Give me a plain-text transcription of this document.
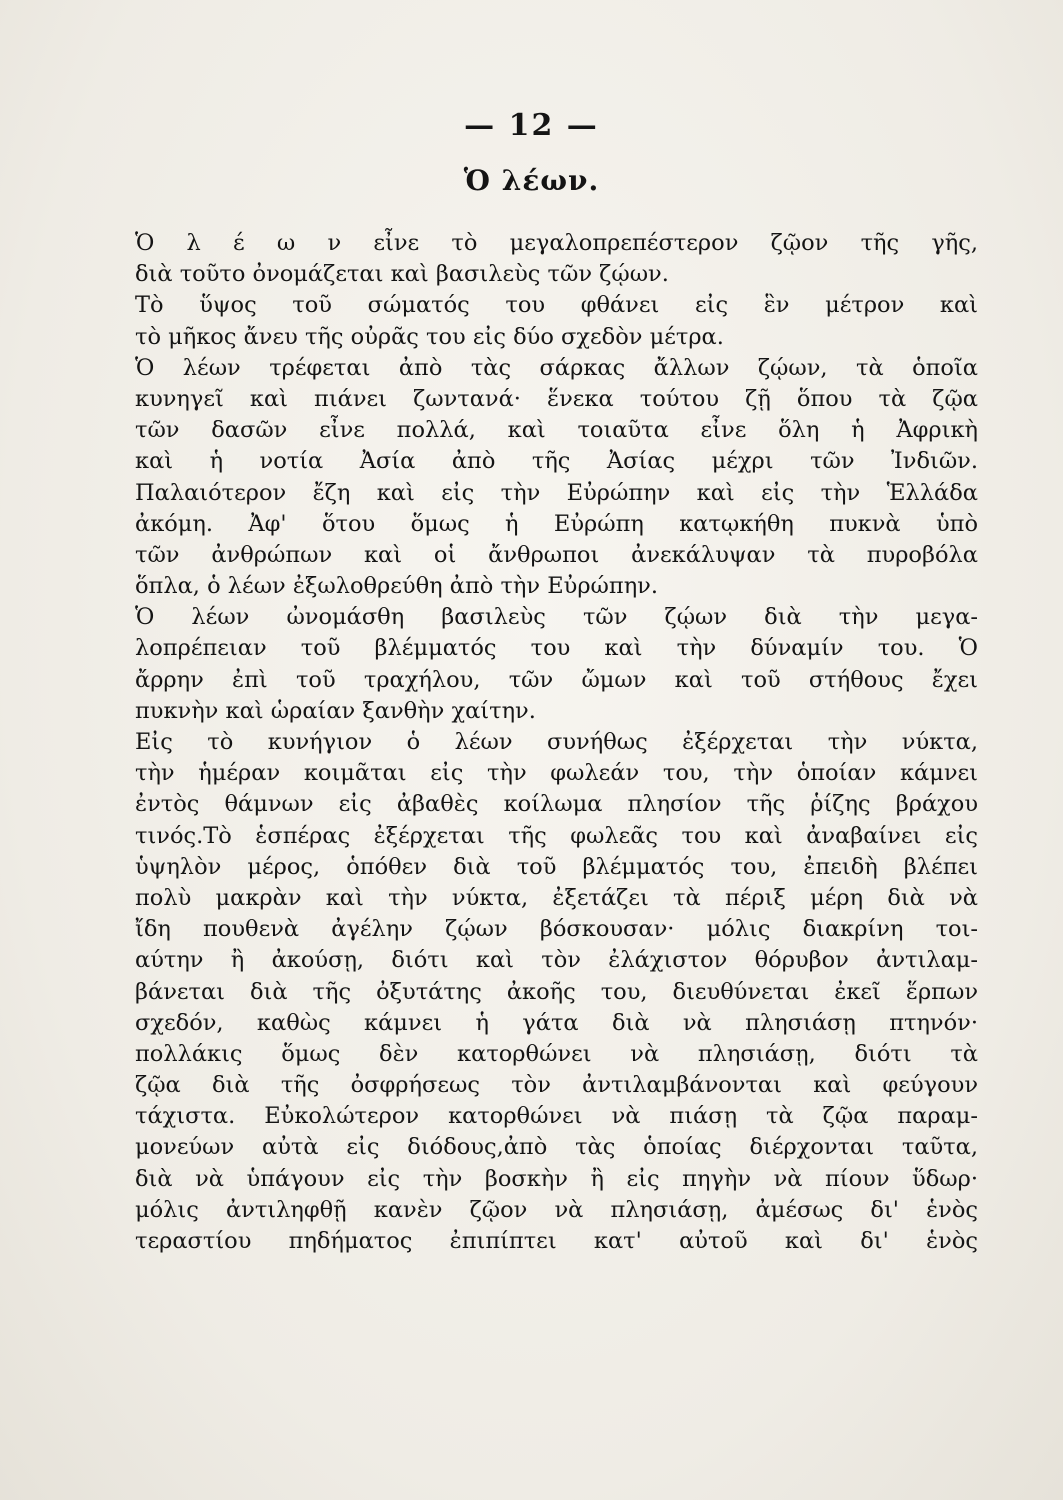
— 12 —
Ὁ λέων.
Ὁ λ έ ω ν εἶνε τὸ μεγαλοπρεπέστερον ζῷον τῆς γῆς,
διὰ τοῦτο ὀνομάζεται καὶ βασιλεὺς τῶν ζῴων.
Τὸ ὕψος τοῦ σώματός του φθάνει εἰς ἓν μέτρον καὶ
τὸ μῆκος ἄνευ τῆς οὐρᾶς του εἰς δύο σχεδὸν μέτρα.
Ὁ λέων τρέφεται ἀπὸ τὰς σάρκας ἄλλων ζῴων, τὰ ὁποῖα
κυνηγεῖ καὶ πιάνει ζωντανά· ἕνεκα τούτου ζῇ ὅπου τὰ ζῷα
τῶν δασῶν εἶνε πολλά, καὶ τοιαῦτα εἶνε ὅλη ἡ Ἀφρικὴ
καὶ ἡ νοτία Ἀσία ἀπὸ τῆς Ἀσίας μέχρι τῶν Ἰνδιῶν.
Παλαιότερον ἔζη καὶ εἰς τὴν Εὐρώπην καὶ εἰς τὴν Ἑλλάδα
ἀκόμη. Ἀφ' ὅτου ὅμως ἡ Εὐρώπη κατῳκήθη πυκνὰ ὑπὸ
τῶν ἀνθρώπων καὶ οἱ ἄνθρωποι ἀνεκάλυψαν τὰ πυροβόλα
ὅπλα, ὁ λέων ἐξωλοθρεύθη ἀπὸ τὴν Εὐρώπην.
Ὁ λέων ὠνομάσθη βασιλεὺς τῶν ζῴων διὰ τὴν μεγα-
λοπρέπειαν τοῦ βλέμματός του καὶ τὴν δύναμίν του. Ὁ
ἄρρην ἐπὶ τοῦ τραχήλου, τῶν ὤμων καὶ τοῦ στήθους ἔχει
πυκνὴν καὶ ὡραίαν ξανθὴν χαίτην.
Εἰς τὸ κυνήγιον ὁ λέων συνήθως ἐξέρχεται τὴν νύκτα,
τὴν ἡμέραν κοιμᾶται εἰς τὴν φωλεάν του, τὴν ὁποίαν κάμνει
ἐντὸς θάμνων εἰς ἀβαθὲς κοίλωμα πλησίον τῆς ῥίζης βράχου
τινός.Τὸ ἑσπέρας ἐξέρχεται τῆς φωλεᾶς του καὶ ἀναβαίνει εἰς
ὑψηλὸν μέρος, ὁπόθεν διὰ τοῦ βλέμματός του, ἐπειδὴ βλέπει
πολὺ μακρὰν καὶ τὴν νύκτα, ἐξετάζει τὰ πέριξ μέρη διὰ νὰ
ἴδη πουθενὰ ἀγέλην ζῴων βόσκουσαν· μόλις διακρίνη τοι-
αύτην ἢ ἀκούσῃ, διότι καὶ τὸν ἐλάχιστον θόρυβον ἀντιλαμ-
βάνεται διὰ τῆς ὀξυτάτης ἀκοῆς του, διευθύνεται ἐκεῖ ἕρπων
σχεδόν, καθὼς κάμνει ἡ γάτα διὰ νὰ πλησιάσῃ πτηνόν·
πολλάκις ὅμως δὲν κατορθώνει νὰ πλησιάσῃ, διότι τὰ
ζῷα διὰ τῆς ὀσφρήσεως τὸν ἀντιλαμβάνονται καὶ φεύγουν
τάχιστα. Εὐκολώτερον κατορθώνει νὰ πιάσῃ τὰ ζῷα παραμ-
μονεύων αὐτὰ εἰς διόδους,ἀπὸ τὰς ὁποίας διέρχονται ταῦτα,
διὰ νὰ ὑπάγουν εἰς τὴν βοσκὴν ἢ εἰς πηγὴν νὰ πίουν ὕδωρ·
μόλις ἀντιληφθῇ κανὲν ζῷον νὰ πλησιάσῃ, ἀμέσως δι' ἑνὸς
τεραστίου πηδήματος ἐπιπίπτει κατ' αὐτοῦ καὶ δι' ἑνὸς
